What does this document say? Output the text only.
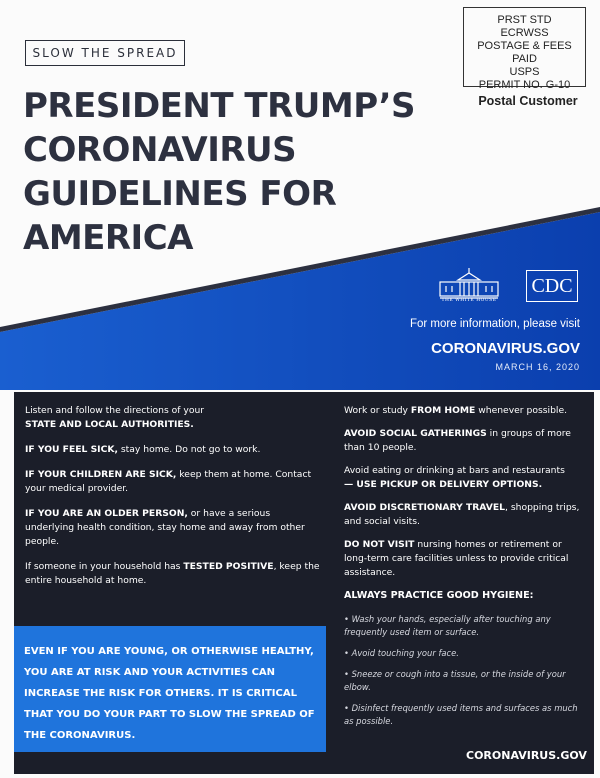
SLOW THE SPREAD
PRESIDENT TRUMP’S
CORONAVIRUS
GUIDELINES FOR
AMERICA
PRST STD
ECRWSS
POSTAGE & FEES PAID
USPS
PERMIT NO. G-10
Postal Customer
THE WHITE HOUSE
CDC
For more information, please visit
CORONAVIRUS.GOV
MARCH 16, 2020

Listen and follow the directions of your
STATE AND LOCAL AUTHORITIES.

IF YOU FEEL SICK, stay home. Do not go to work.

IF YOUR CHILDREN ARE SICK, keep them at home. Contact your medical provider.

IF YOU ARE AN OLDER PERSON, or have a serious underlying health condition, stay home and away from other people.

If someone in your household has TESTED POSITIVE, keep the entire household at home.

EVEN IF YOU ARE YOUNG, OR OTHERWISE HEALTHY, YOU ARE AT RISK AND YOUR ACTIVITIES CAN INCREASE THE RISK FOR OTHERS. IT IS CRITICAL THAT YOU DO YOUR PART TO SLOW THE SPREAD OF THE CORONAVIRUS.

Work or study FROM HOME whenever possible.

AVOID SOCIAL GATHERINGS in groups of more than 10 people.

Avoid eating or drinking at bars and restaurants
— USE PICKUP OR DELIVERY OPTIONS.

AVOID DISCRETIONARY TRAVEL, shopping trips, and social visits.

DO NOT VISIT nursing homes or retirement or long-term care facilities unless to provide critical assistance.

ALWAYS PRACTICE GOOD HYGIENE:
• Wash your hands, especially after touching any frequently used item or surface.
• Avoid touching your face.
• Sneeze or cough into a tissue, or the inside of your elbow.
• Disinfect frequently used items and surfaces as much as possible.
CORONAVIRUS.GOV
